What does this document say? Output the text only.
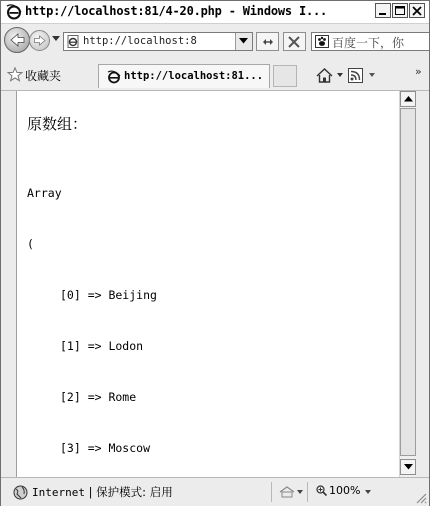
http://localhost:81/4-20.php - Windows I...
http://localhost:8	百度一下，你
收藏夹	http://localhost:81...	»
原数组：

Array

(

[0] => Beijing

[1] => Lodon

[2] => Rome

[3] => Moscow

Internet | 保护模式: 启用	100%
